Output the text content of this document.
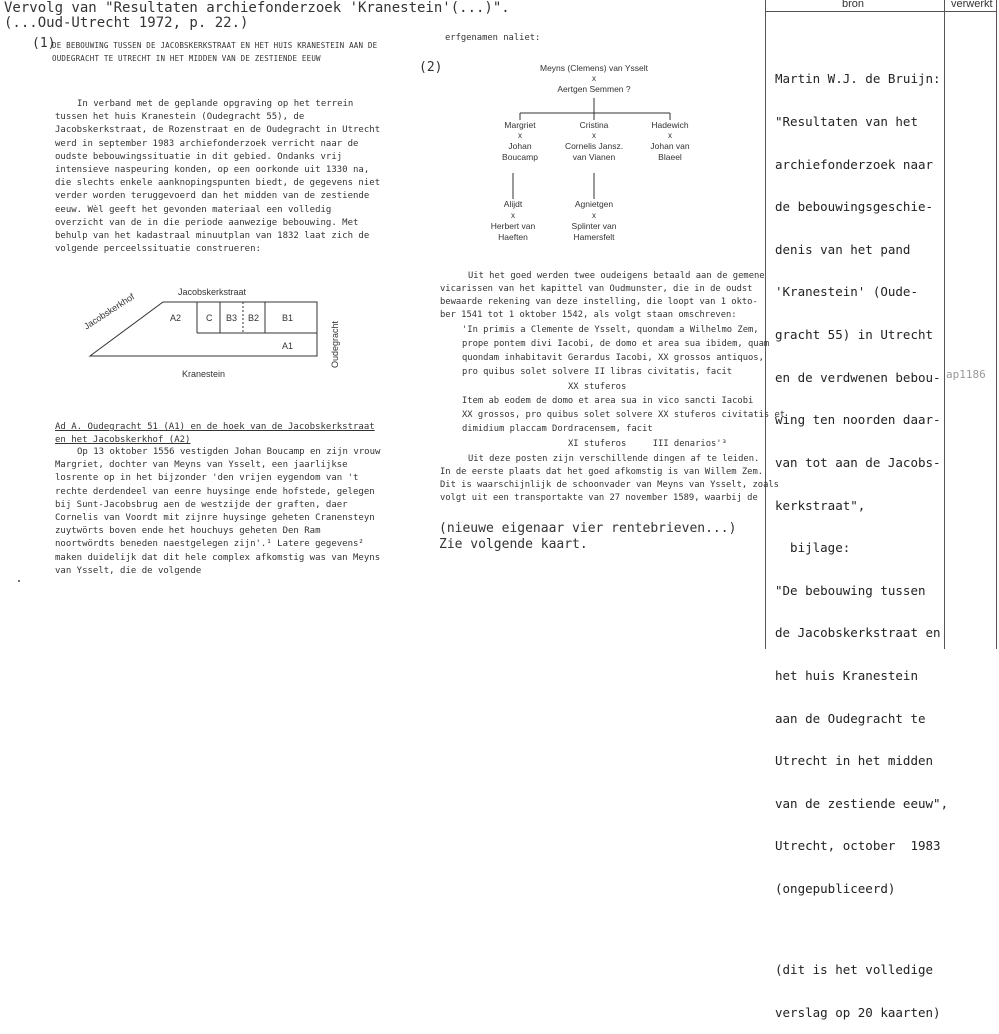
Vervolg van "Resultaten archiefonderzoek 'Kranestein'(...)".
(...Oud-Utrecht 1972, p. 22.)
bron	verwerkt
(1)
DE BEBOUWING TUSSEN DE JACOBSKERKSTRAAT EN HET HUIS KRANESTEIN AAN DE OUDEGRACHT TE UTRECHT IN HET MIDDEN VAN DE ZESTIENDE EEUW
In verband met de geplande opgraving op het terrein tussen het huis Kranestein (Oudegracht 55), de Jacobskerkstraat, de Rozenstraat en de Oudegracht in Utrecht werd in september 1983 archiefonderzoek verricht naar de oudste bebouwingssituatie in dit gebied. Ondanks vrij intensieve naspeuring konden, op een oorkonde uit 1330 na, die slechts enkele aanknopingspunten biedt, de gegevens niet verder worden teruggevoerd dan het midden van de zestiende eeuw. Wèl geeft het gevonden materiaal een volledig overzicht van de in die periode aanwezige bebouwing. Met behulp van het kadastraal minuutplan van 1832 laat zich de volgende perceelssituatie construeren:
Jacobskerkstraat
Jacobskerkhof
Oudegracht
Kranestein
A2	C B3 B2	B1
A1
Ad A. Oudegracht 51 (A1) en de hoek van de Jacobskerkstraat en het Jacobskerkhof (A2)
Op 13 oktober 1556 vestigden Johan Boucamp en zijn vrouw Margriet, dochter van Meyns van Ysselt, een jaarlijkse losrente op in het bijzonder 'den vrijen eygendom van 't rechte derdendeel van eenre huysinge ende hofstede, gelegen bij Sunt-Jacobsbrug aen de westzijde der graften, daer Cornelis van Voordt mit zijnre huysinge geheten Cranensteyn zuytwörts boven ende het houchuys geheten Den Ram noortwördts beneden naestgelegen zijn'.¹ Latere gegevens² maken duidelijk dat dit hele complex afkomstig was van Meyns van Ysselt, die de volgende
erfgenamen naliet:
(2)	Meyns (Clemens) van Ysselt
x
Aertgen Semmen ?
Margriet
x
Johan
Boucamp
Cristina
x
Cornelis Jansz.
van Vianen
Hadewich
x
Johan van
Blaeel
Alijdt
x
Herbert van
Haeften
Agnietgen
x
Splinter van
Hamersfelt
Uit het goed werden twee oudeigens betaald aan de gemene
vicarissen van het kapittel van Oudmunster, die in de oudst
bewaarde rekening van deze instelling, die loopt van 1 okto-
ber 1541 tot 1 oktober 1542, als volgt staan omschreven:
'In primis a Clemente de Ysselt, quondam a Wilhelmo Zem,
prope pontem divi Iacobi, de domo et area sua ibidem, quam
quondam inhabitavit Gerardus Iacobi, XX grossos antiquos,
pro quibus solet solvere II libras civitatis, facit
XX stuferos
Item ab eodem de domo et area sua in vico sancti Iacobi
XX grossos, pro quibus solet solvere XX stuferos civitatis et
dimidium placcam Dordracensem, facit
XI stuferos     III denarios'³
Uit deze posten zijn verschillende dingen af te leiden.
In de eerste plaats dat het goed afkomstig is van Willem Zem.
Dit is waarschijnlijk de schoonvader van Meyns van Ysselt, zoals
volgt uit een transportakte van 27 november 1589, waarbij de
(nieuwe eigenaar vier rentebrieven...)
Zie volgende kaart.

Martin W.J. de Bruijn:

"Resultaten van het

archiefonderzoek naar

de bebouwingsgeschie-

denis van het pand

'Kranestein' (Oude-

gracht 55) in Utrecht

en de verdwenen bebou-

wing ten noorden daar-

van tot aan de Jacobs-

kerkstraat",

bijlage:

"De bebouwing tussen

de Jacobskerkstraat en

het huis Kranestein

aan de Oudegracht te

Utrecht in het midden

van de zestiende eeuw",

Utrecht, october  1983

(ongepubliceerd)

(dit is het volledige

verslag op 20 kaarten)

ap1186
